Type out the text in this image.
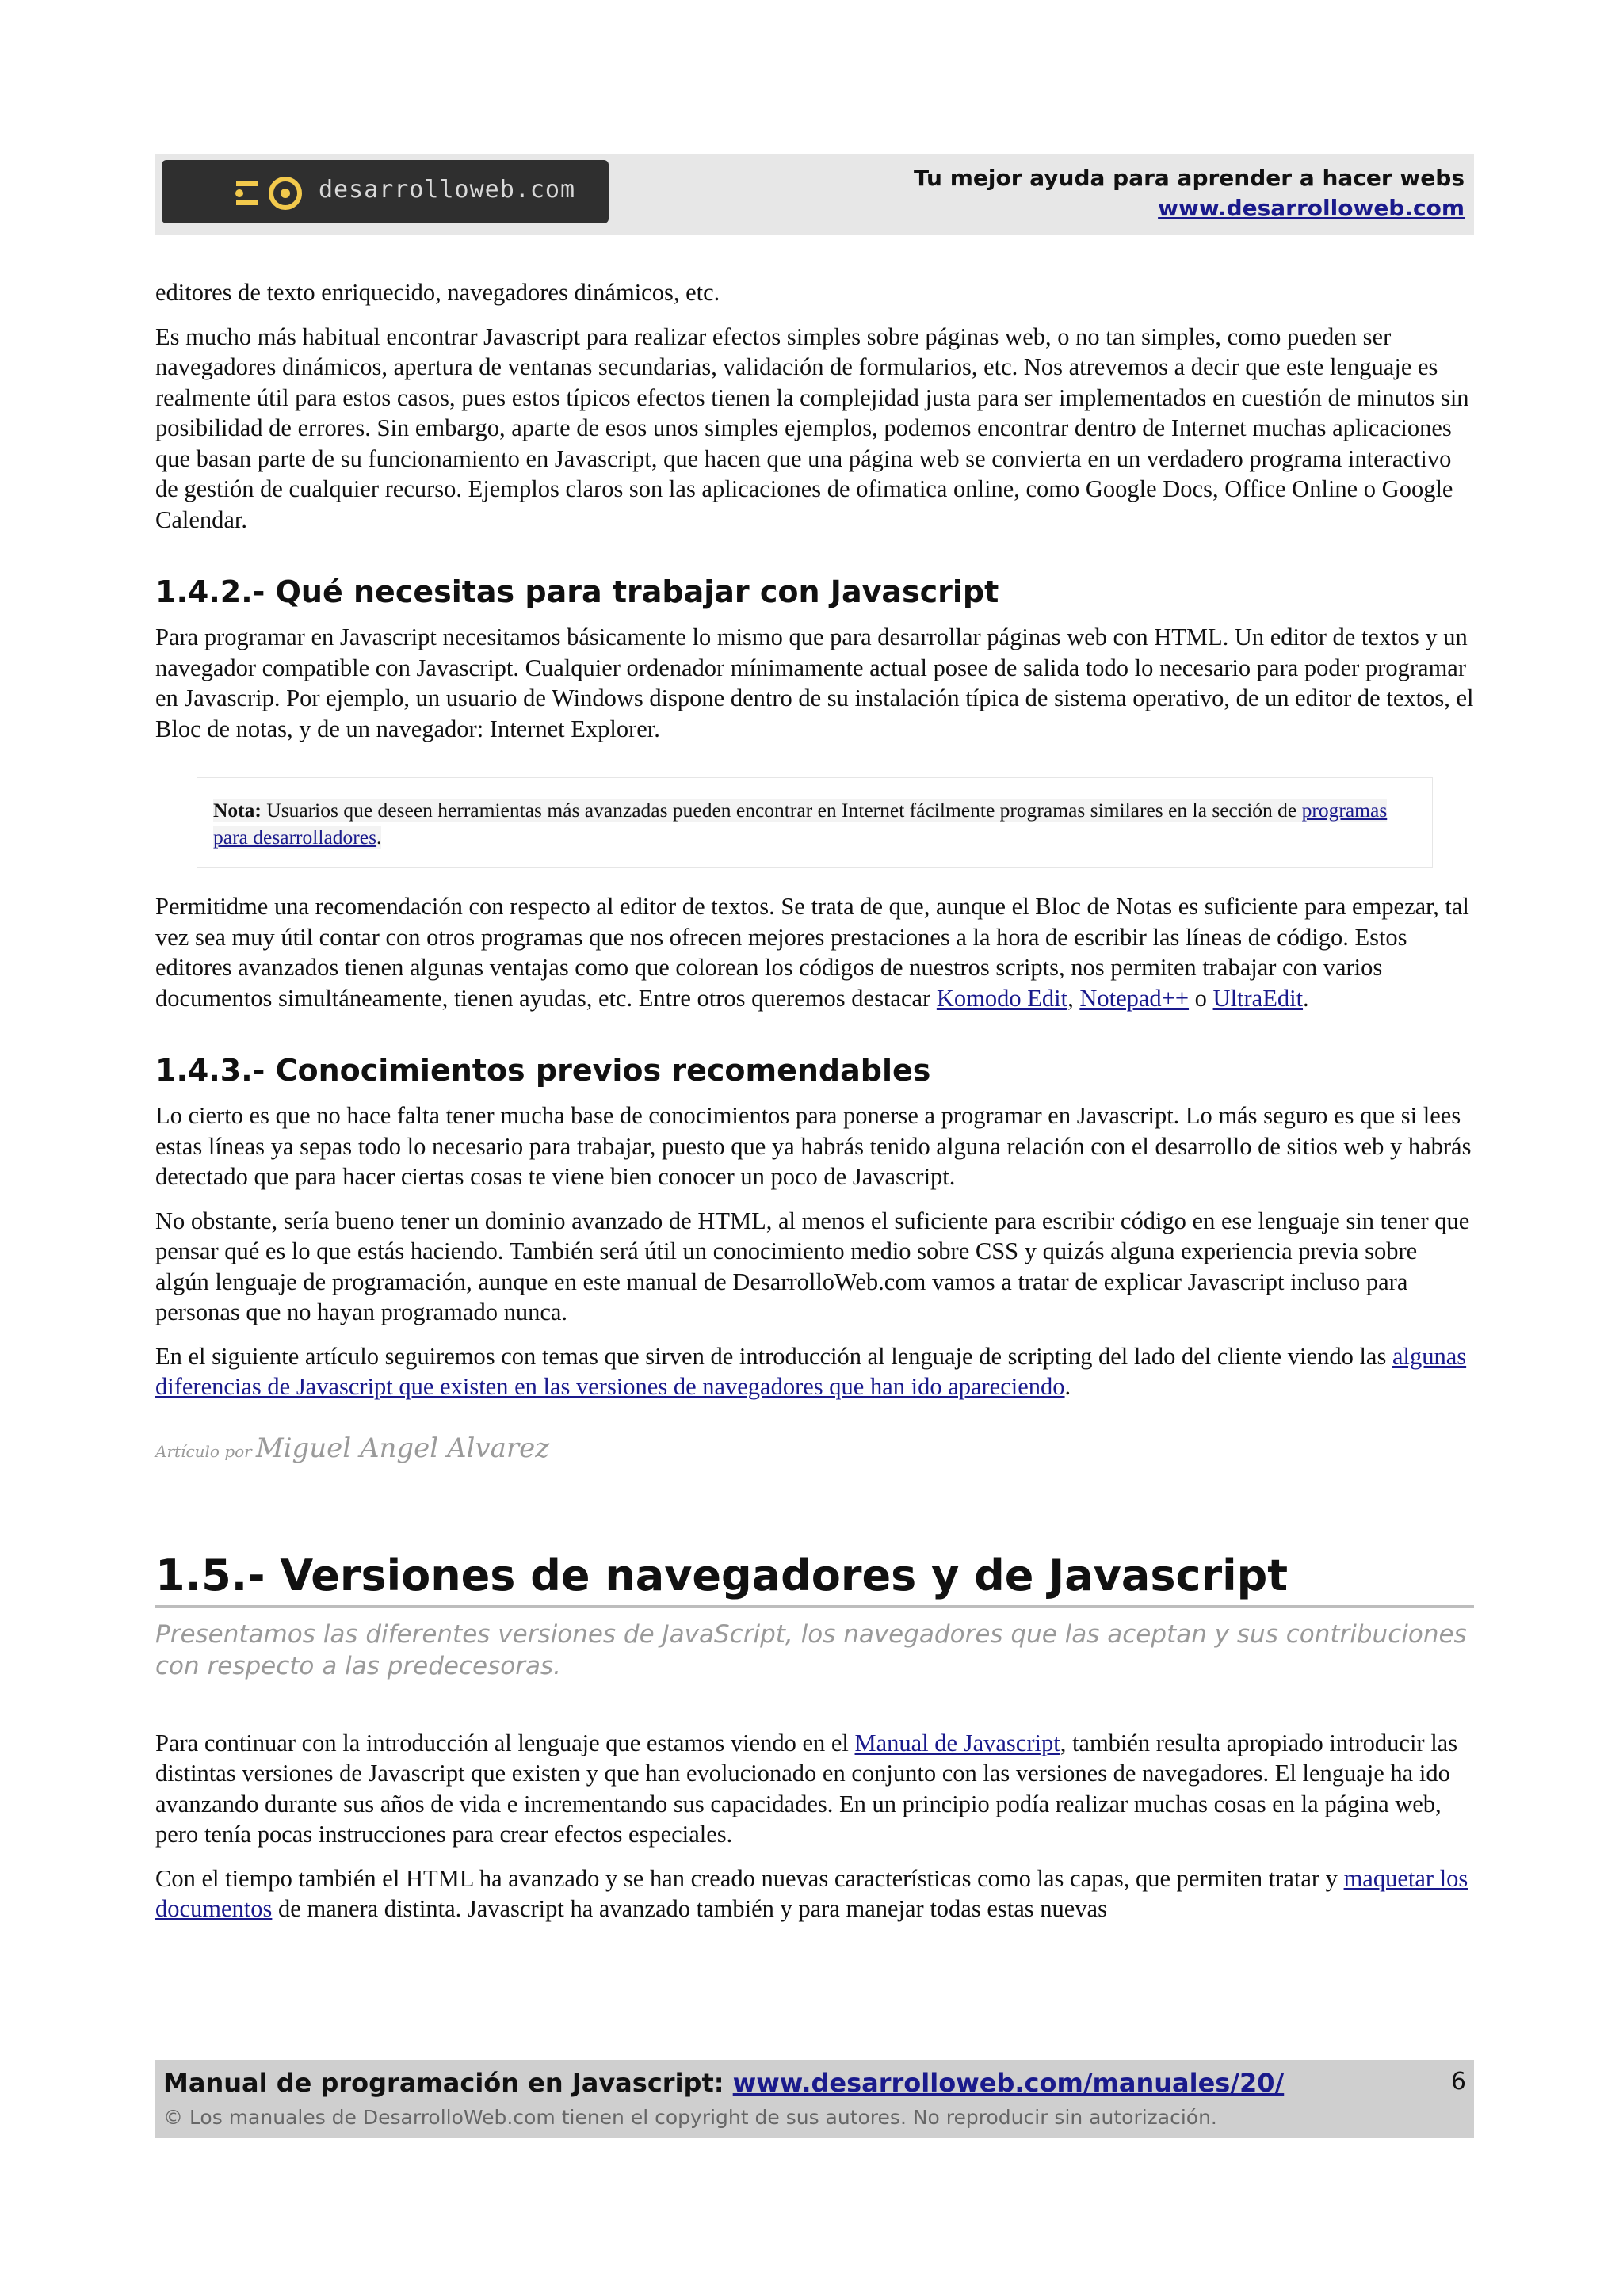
desarrolloweb.com	Tu mejor ayuda para aprender a hacer webs
www.desarrolloweb.com

editores de texto enriquecido, navegadores dinámicos, etc.

Es mucho más habitual encontrar Javascript para realizar efectos simples sobre páginas web, o no tan simples, como pueden ser navegadores dinámicos, apertura de ventanas secundarias, validación de formularios, etc. Nos atrevemos a decir que este lenguaje es realmente útil para estos casos, pues estos típicos efectos tienen la complejidad justa para ser implementados en cuestión de minutos sin posibilidad de errores. Sin embargo, aparte de esos unos simples ejemplos, podemos encontrar dentro de Internet muchas aplicaciones que basan parte de su funcionamiento en Javascript, que hacen que una página web se convierta en un verdadero programa interactivo de gestión de cualquier recurso. Ejemplos claros son las aplicaciones de ofimatica online, como Google Docs, Office Online o Google Calendar.

1.4.2.- Qué necesitas para trabajar con Javascript

Para programar en Javascript necesitamos básicamente lo mismo que para desarrollar páginas web con HTML. Un editor de textos y un navegador compatible con Javascript. Cualquier ordenador mínimamente actual posee de salida todo lo necesario para poder programar en Javascrip. Por ejemplo, un usuario de Windows dispone dentro de su instalación típica de sistema operativo, de un editor de textos, el Bloc de notas, y de un navegador: Internet Explorer.

Nota: Usuarios que deseen herramientas más avanzadas pueden encontrar en Internet fácilmente programas similares en la sección de programas para desarrolladores.

Permitidme una recomendación con respecto al editor de textos. Se trata de que, aunque el Bloc de Notas es suficiente para empezar, tal vez sea muy útil contar con otros programas que nos ofrecen mejores prestaciones a la hora de escribir las líneas de código. Estos editores avanzados tienen algunas ventajas como que colorean los códigos de nuestros scripts, nos permiten trabajar con varios documentos simultáneamente, tienen ayudas, etc. Entre otros queremos destacar Komodo Edit, Notepad++ o UltraEdit.

1.4.3.- Conocimientos previos recomendables

Lo cierto es que no hace falta tener mucha base de conocimientos para ponerse a programar en Javascript. Lo más seguro es que si lees estas líneas ya sepas todo lo necesario para trabajar, puesto que ya habrás tenido alguna relación con el desarrollo de sitios web y habrás detectado que para hacer ciertas cosas te viene bien conocer un poco de Javascript.

No obstante, sería bueno tener un dominio avanzado de HTML, al menos el suficiente para escribir código en ese lenguaje sin tener que pensar qué es lo que estás haciendo. También será útil un conocimiento medio sobre CSS y quizás alguna experiencia previa sobre algún lenguaje de programación, aunque en este manual de DesarrolloWeb.com vamos a tratar de explicar Javascript incluso para personas que no hayan programado nunca.

En el siguiente artículo seguiremos con temas que sirven de introducción al lenguaje de scripting del lado del cliente viendo las algunas diferencias de Javascript que existen en las versiones de navegadores que han ido apareciendo.

Artículo por Miguel Angel Alvarez
1.5.- Versiones de navegadores y de Javascript
Presentamos las diferentes versiones de JavaScript, los navegadores que las aceptan y sus contribuciones con respecto a las predecesoras.

Para continuar con la introducción al lenguaje que estamos viendo en el Manual de Javascript, también resulta apropiado introducir las distintas versiones de Javascript que existen y que han evolucionado en conjunto con las versiones de navegadores. El lenguaje ha ido avanzando durante sus años de vida e incrementando sus capacidades. En un principio podía realizar muchas cosas en la página web, pero tenía pocas instrucciones para crear efectos especiales.

Con el tiempo también el HTML ha avanzado y se han creado nuevas características como las capas, que permiten tratar y maquetar los documentos de manera distinta. Javascript ha avanzado también y para manejar todas estas nuevas

Manual de programación en Javascript: www.desarrolloweb.com/manuales/20/
© Los manuales de DesarrolloWeb.com tienen el copyright de sus autores. No reproducir sin autorización.
6
